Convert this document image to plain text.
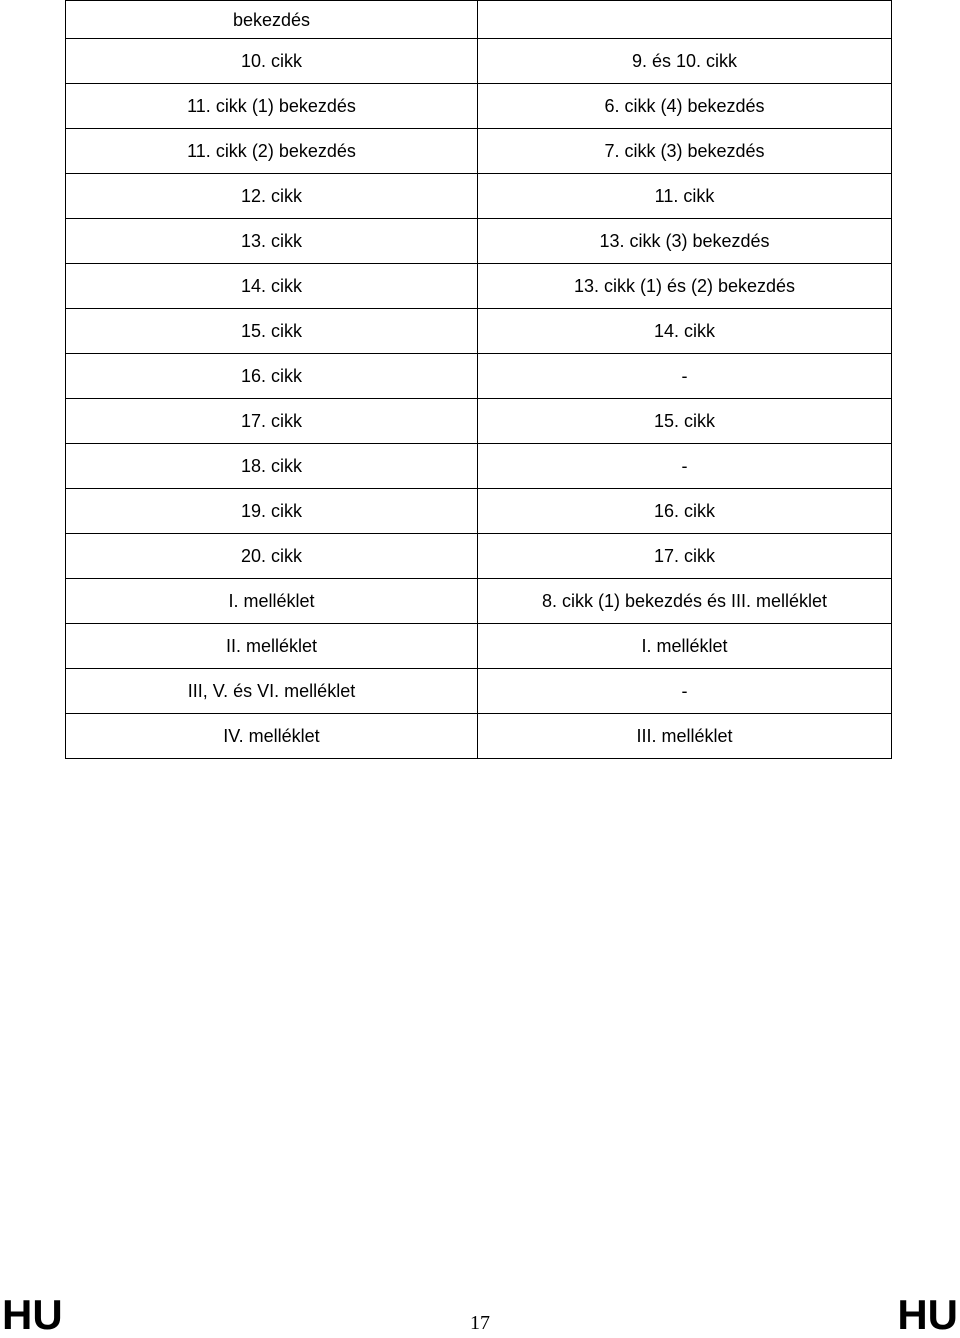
bekezdés	
10. cikk	9. és 10. cikk
11. cikk (1) bekezdés	6. cikk (4) bekezdés
11. cikk (2) bekezdés	7. cikk (3) bekezdés
12. cikk	11. cikk
13. cikk	13. cikk (3) bekezdés
14. cikk	13. cikk (1) és (2) bekezdés
15. cikk	14. cikk
16. cikk	-
17. cikk	15. cikk
18. cikk	-
19. cikk	16. cikk
20. cikk	17. cikk
I. melléklet	8. cikk (1) bekezdés és III. melléklet
II. melléklet	I. melléklet
III, V. és VI. melléklet	-
IV. melléklet	III. melléklet
HU	17	HU
